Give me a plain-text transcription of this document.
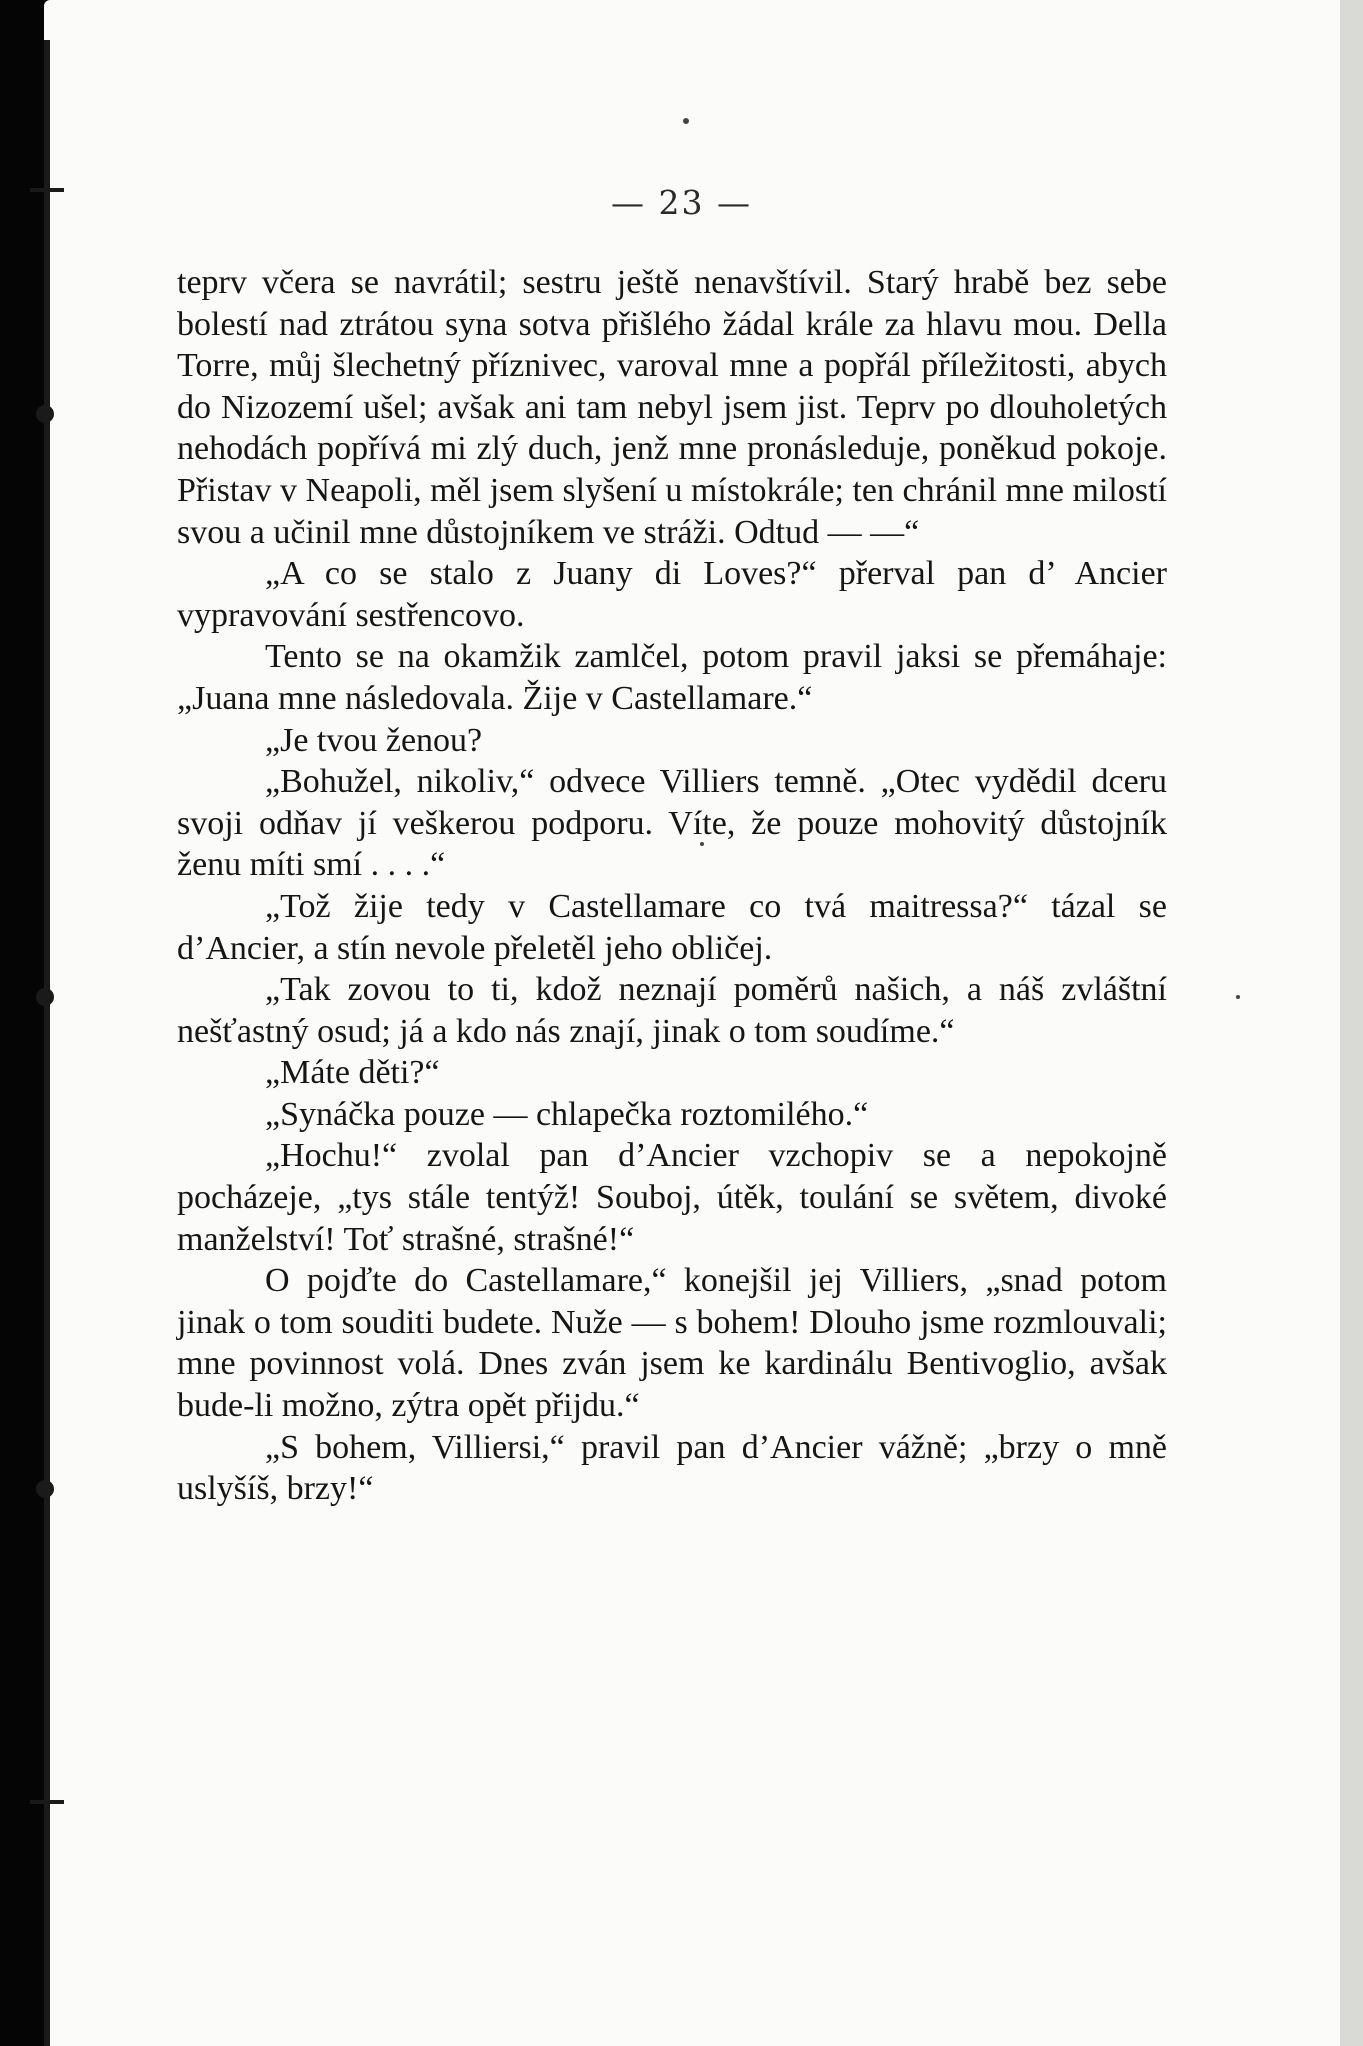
— 23 —

teprv včera se navrátil; sestru ještě nenavštívil. Starý hrabě bez sebe bolestí nad ztrátou syna sotva přišlého žádal krále za hlavu mou. Della Torre, můj šlechetný příznivec, varoval mne a popřál příležitosti, abych do Nizozemí ušel; avšak ani tam nebyl jsem jist. Teprv po dlouholetých nehodách popřívá mi zlý duch, jenž mne pronásleduje, poněkud pokoje. Přistav v Neapoli, měl jsem slyšení u místokrále; ten chránil mne milostí svou a učinil mne důstojníkem ve stráži. Odtud — —“

„A co se stalo z Juany di Loves?“ přerval pan d’ Ancier vypravování sestřencovo.

Tento se na okamžik zamlčel, potom pravil jaksi se přemáhaje: „Juana mne následovala. Žije v Castellamare.“

„Je tvou ženou?

„Bohužel, nikoliv,“ odvece Villiers temně. „Otec vydědil dceru svoji odňav jí veškerou podporu. Víte, že pouze mohovitý důstojník ženu míti smí . . . .“

„Tož žije tedy v Castellamare co tvá maitressa?“ tázal se d’Ancier, a stín nevole přeletěl jeho obličej.

„Tak zovou to ti, kdož neznají poměrů našich, a náš zvláštní nešťastný osud; já a kdo nás znají, jinak o tom soudíme.“

„Máte děti?“

„Synáčka pouze — chlapečka roztomilého.“

„Hochu!“ zvolal pan d’Ancier vzchopiv se a nepokojně pocházeje, „tys stále tentýž! Souboj, útěk, toulání se světem, divoké manželství! Toť strašné, strašné!“

O pojďte do Castellamare,“ konejšil jej Villiers, „snad potom jinak o tom souditi budete. Nuže — s bohem! Dlouho jsme rozmlouvali; mne povinnost volá. Dnes zván jsem ke kardinálu Bentivoglio, avšak bude-li možno, zýtra opět přijdu.“

„S bohem, Villiersi,“ pravil pan d’Ancier vážně; „brzy o mně uslyšíš, brzy!“
